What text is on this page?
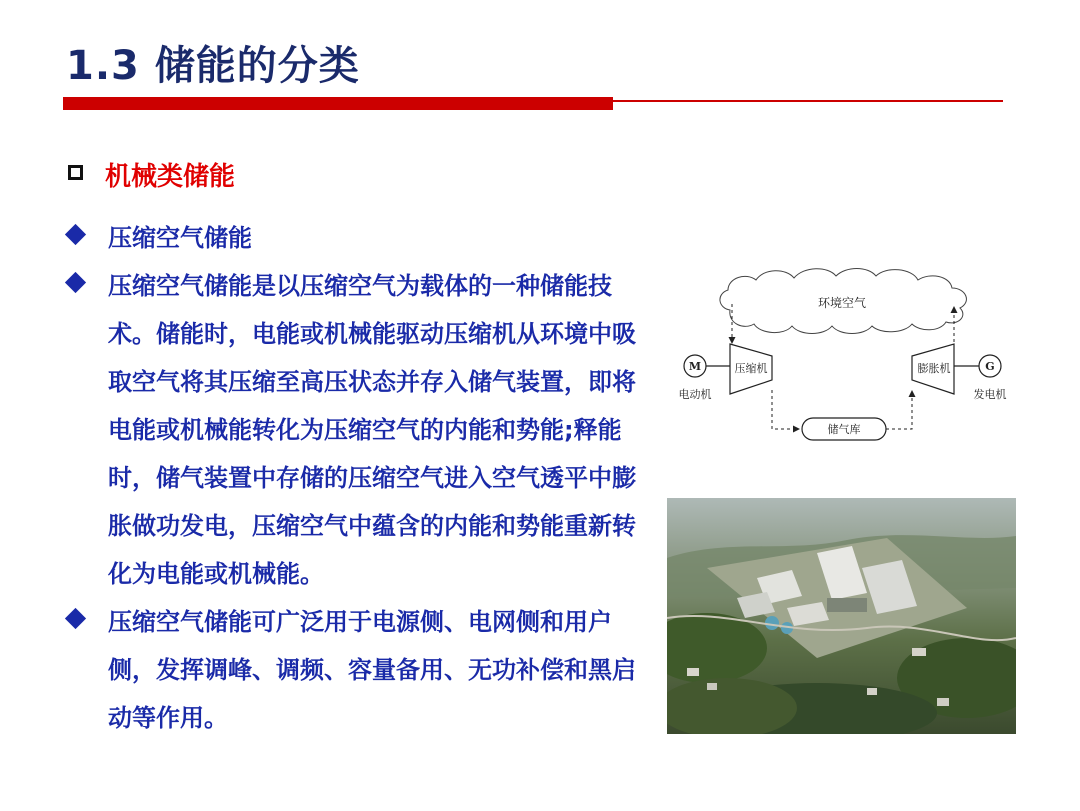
1.3 储能的分类
机械类储能
压缩空气储能
压缩空气储能是以压缩空气为载体的一种储能技术。储能时，电能或机械能驱动压缩机从环境中吸取空气将其压缩至高压状态并存入储气装置，即将电能或机械能转化为压缩空气的内能和势能;释能时，储气装置中存储的压缩空气进入空气透平中膨胀做功发电，压缩空气中蕴含的内能和势能重新转化为电能或机械能。
压缩空气储能可广泛用于电源侧、电网侧和用户侧，发挥调峰、调频、容量备用、无功补偿和黑启动等作用。
环境空气
M
电动机
压缩机
储气库
膨胀机	G
发电机
